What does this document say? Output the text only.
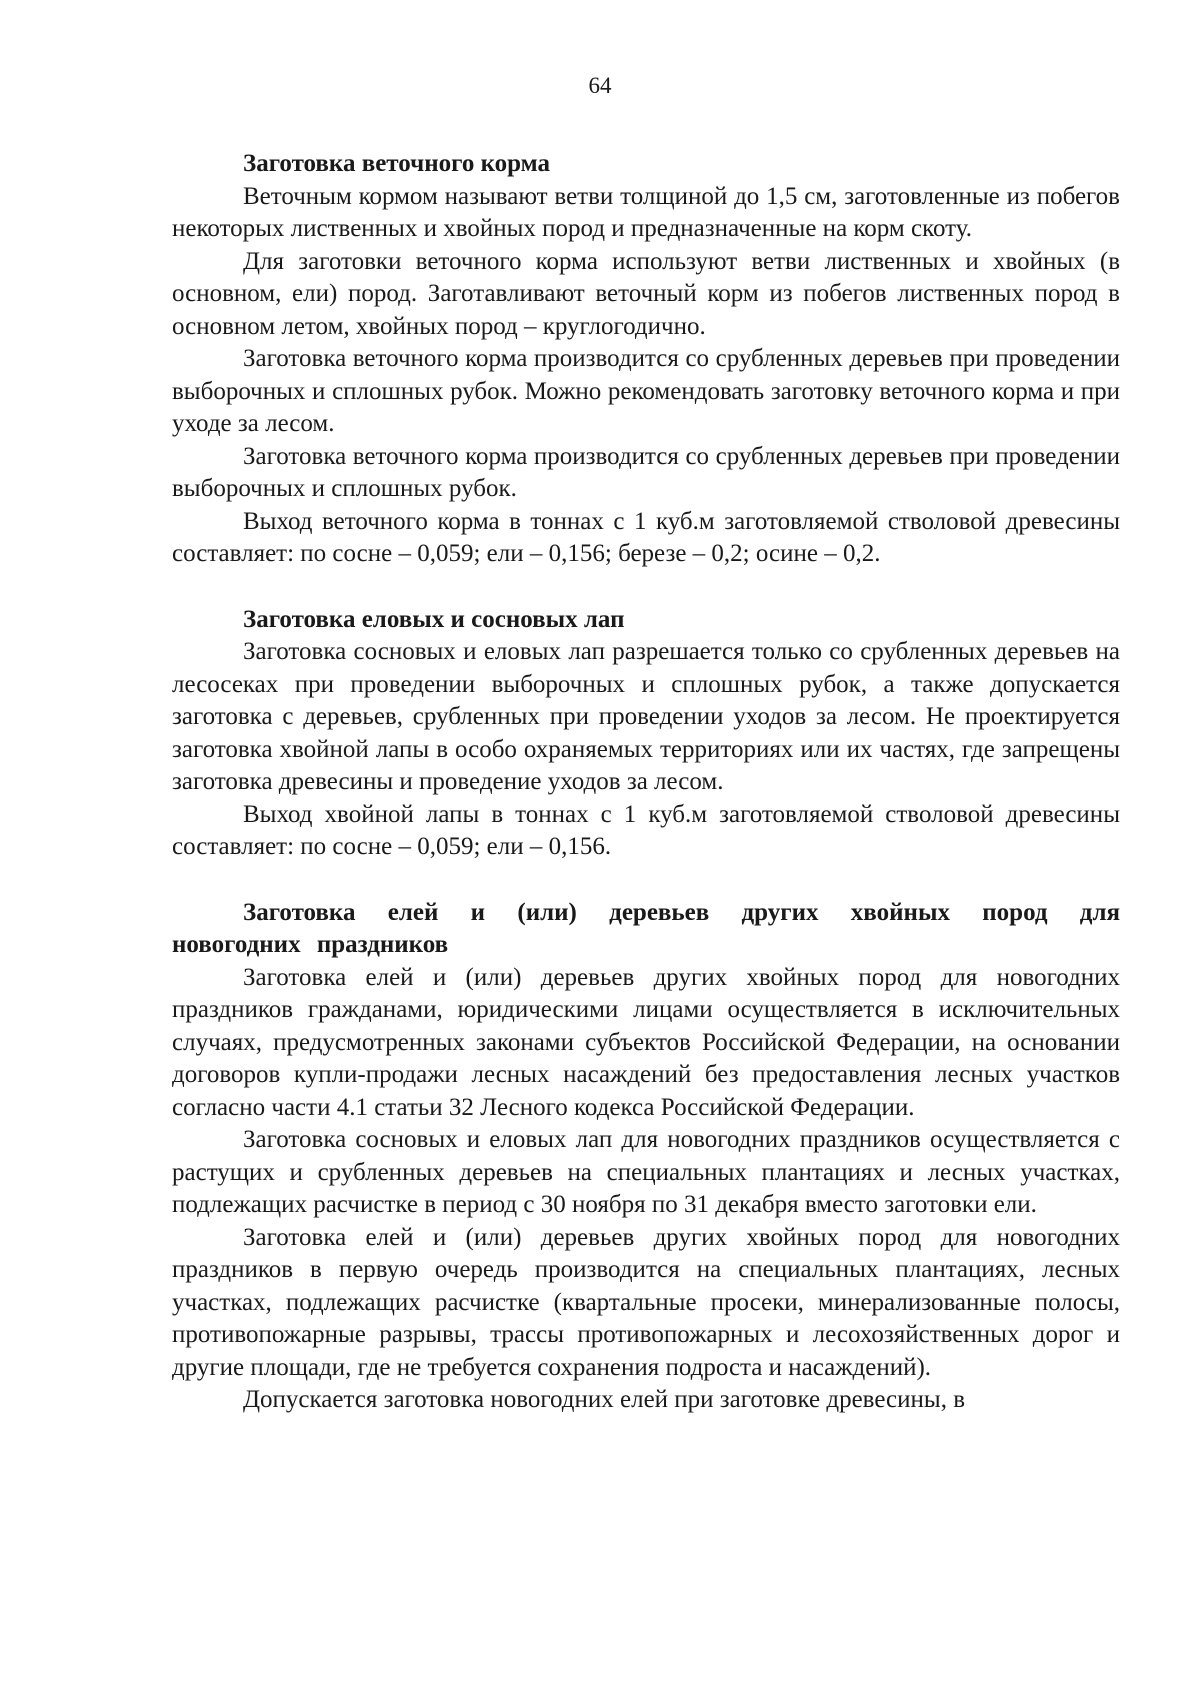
64

Заготовка веточного корма

Веточным кормом называют ветви толщиной до 1,5 см, заготовленные из побегов некоторых лиственных и хвойных пород и предназначенные на корм скоту.

Для заготовки веточного корма используют ветви лиственных и хвойных (в основном, ели) пород. Заготавливают веточный корм из побегов лиственных пород в основном летом, хвойных пород – круглогодично.

Заготовка веточного корма производится со срубленных деревьев при проведении выборочных и сплошных рубок. Можно рекомендовать заготовку веточного корма и при уходе за лесом.

Заготовка веточного корма производится со срубленных деревьев при проведении выборочных и сплошных рубок.

Выход веточного корма в тоннах с 1 куб.м заготовляемой стволовой древесины составляет: по сосне – 0,059; ели – 0,156; березе – 0,2; осине – 0,2.

Заготовка еловых и сосновых лап

Заготовка сосновых и еловых лап разрешается только со срубленных деревьев на лесосеках при проведении выборочных и сплошных рубок, а также допускается заготовка с деревьев, срубленных при проведении уходов за лесом. Не проектируется заготовка хвойной лапы в особо охраняемых территориях или их частях, где запрещены заготовка древесины и проведение уходов за лесом.

Выход хвойной лапы в тоннах с 1 куб.м заготовляемой стволовой древесины составляет: по сосне – 0,059; ели – 0,156.

Заготовка елей и (или) деревьев других хвойных пород для новогодних праздников

Заготовка елей и (или) деревьев других хвойных пород для новогодних праздников гражданами, юридическими лицами осуществляется в исключительных случаях, предусмотренных законами субъектов Российской Федерации, на основании договоров купли-продажи лесных насаждений без предоставления лесных участков согласно части 4.1 статьи 32 Лесного кодекса Российской Федерации.

Заготовка сосновых и еловых лап для новогодних праздников осуществляется с растущих и срубленных деревьев на специальных плантациях и лесных участках, подлежащих расчистке в период с 30 ноября по 31 декабря вместо заготовки ели.

Заготовка елей и (или) деревьев других хвойных пород для новогодних праздников в первую очередь производится на специальных плантациях, лесных участках, подлежащих расчистке (квартальные просеки, минерализованные полосы, противопожарные разрывы, трассы противопожарных и лесохозяйственных дорог и другие площади, где не требуется сохранения подроста и насаждений).

Допускается заготовка новогодних елей при заготовке древесины, в
